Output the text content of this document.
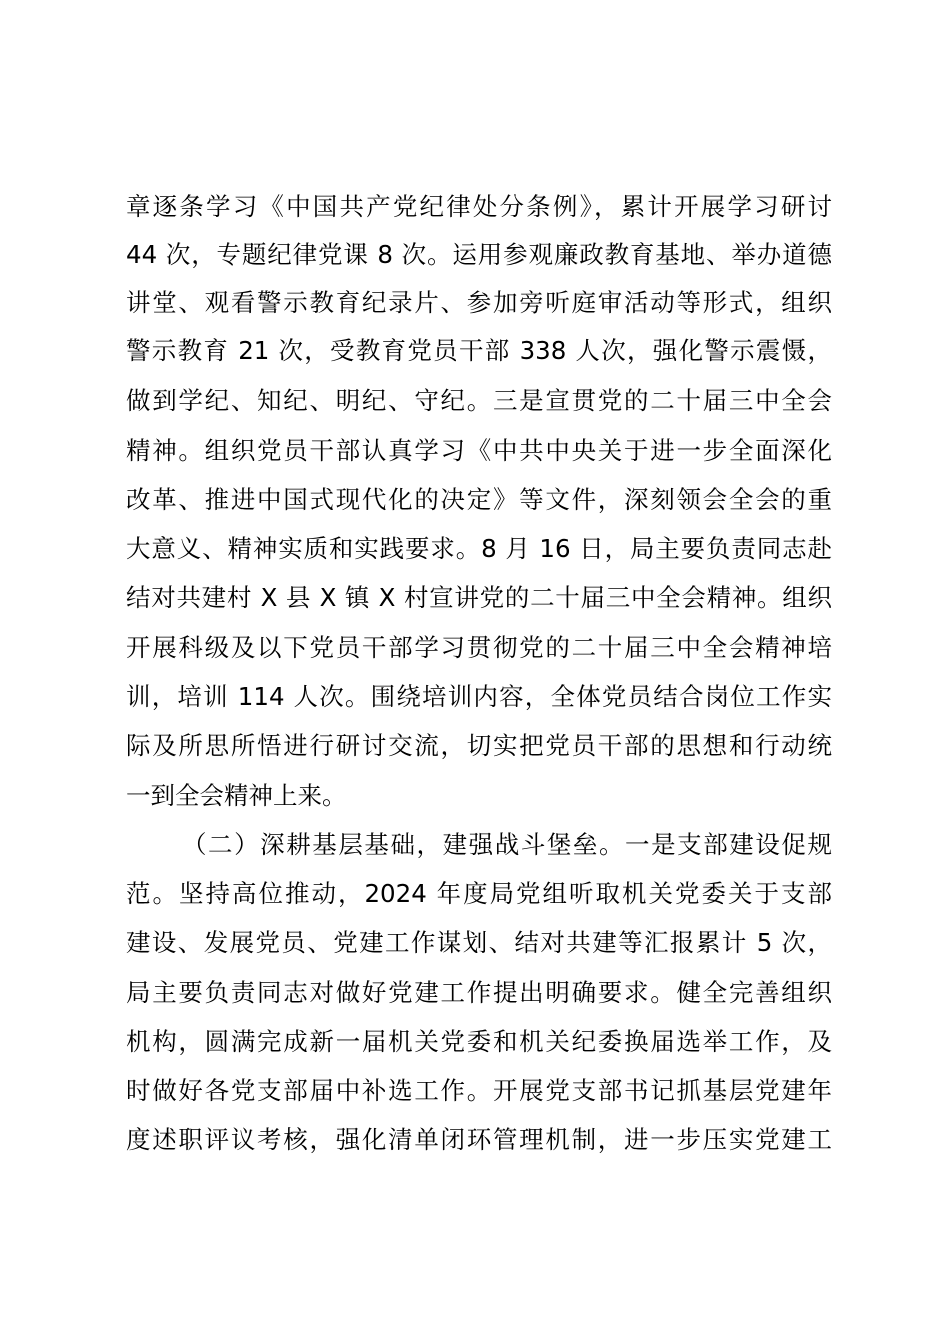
章逐条学习《中国共产党纪律处分条例》，累计开展学习研讨
44 次，专题纪律党课 8 次。运用参观廉政教育基地、举办道德
讲堂、观看警示教育纪录片、参加旁听庭审活动等形式，组织
警示教育 21 次，受教育党员干部 338 人次，强化警示震慑，
做到学纪、知纪、明纪、守纪。三是宣贯党的二十届三中全会
精神。组织党员干部认真学习《中共中央关于进一步全面深化
改革、推进中国式现代化的决定》等文件，深刻领会全会的重
大意义、精神实质和实践要求。8 月 16 日，局主要负责同志赴
结对共建村 X 县 X 镇 X 村宣讲党的二十届三中全会精神。组织
开展科级及以下党员干部学习贯彻党的二十届三中全会精神培
训，培训 114 人次。围绕培训内容，全体党员结合岗位工作实
际及所思所悟进行研讨交流，切实把党员干部的思想和行动统
一到全会精神上来。
（二）深耕基层基础，建强战斗堡垒。一是支部建设促规
范。坚持高位推动，2024 年度局党组听取机关党委关于支部
建设、发展党员、党建工作谋划、结对共建等汇报累计 5 次，
局主要负责同志对做好党建工作提出明确要求。健全完善组织
机构，圆满完成新一届机关党委和机关纪委换届选举工作，及
时做好各党支部届中补选工作。开展党支部书记抓基层党建年
度述职评议考核，强化清单闭环管理机制，进一步压实党建工
